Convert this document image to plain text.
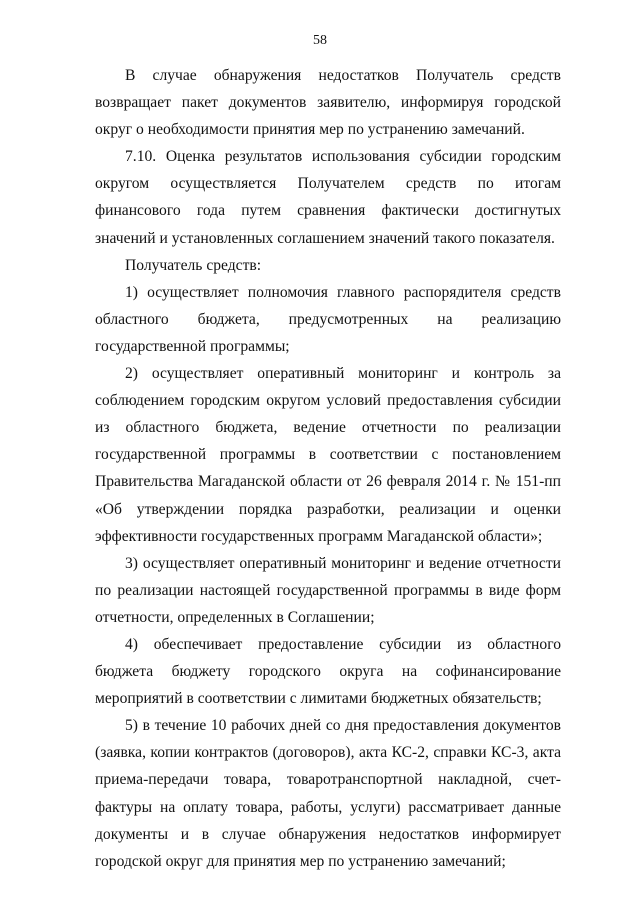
58

В случае обнаружения недостатков Получатель средств возвращает пакет документов заявителю, информируя городской округ о необходимости принятия мер по устранению замечаний.

7.10. Оценка результатов использования субсидии городским округом осуществляется Получателем средств по итогам финансового года путем сравнения фактически достигнутых значений и установленных соглашением значений такого показателя.

Получатель средств:

1) осуществляет полномочия главного распорядителя средств областного бюджета, предусмотренных на реализацию государственной программы;

2) осуществляет оперативный мониторинг и контроль за соблюдением городским округом условий предоставления субсидии из областного бюджета, ведение отчетности по реализации государственной программы в соответствии с постановлением Правительства Магаданской области от 26 февраля 2014 г. № 151-пп «Об утверждении порядка разработки, реализации и оценки эффективности государственных программ Магаданской области»;

3) осуществляет оперативный мониторинг и ведение отчетности по реализации настоящей государственной программы в виде форм отчетности, определенных в Соглашении;

4) обеспечивает предоставление субсидии из областного бюджета бюджету городского округа на софинансирование мероприятий в соответствии с лимитами бюджетных обязательств;

5) в течение 10 рабочих дней со дня предоставления документов (заявка, копии контрактов (договоров), акта КС-2, справки КС-3, акта приема-передачи товара, товаротранспортной накладной, счет-фактуры на оплату товара, работы, услуги) рассматривает данные документы и в случае обнаружения недостатков информирует городской округ для принятия мер по устранению замечаний;
